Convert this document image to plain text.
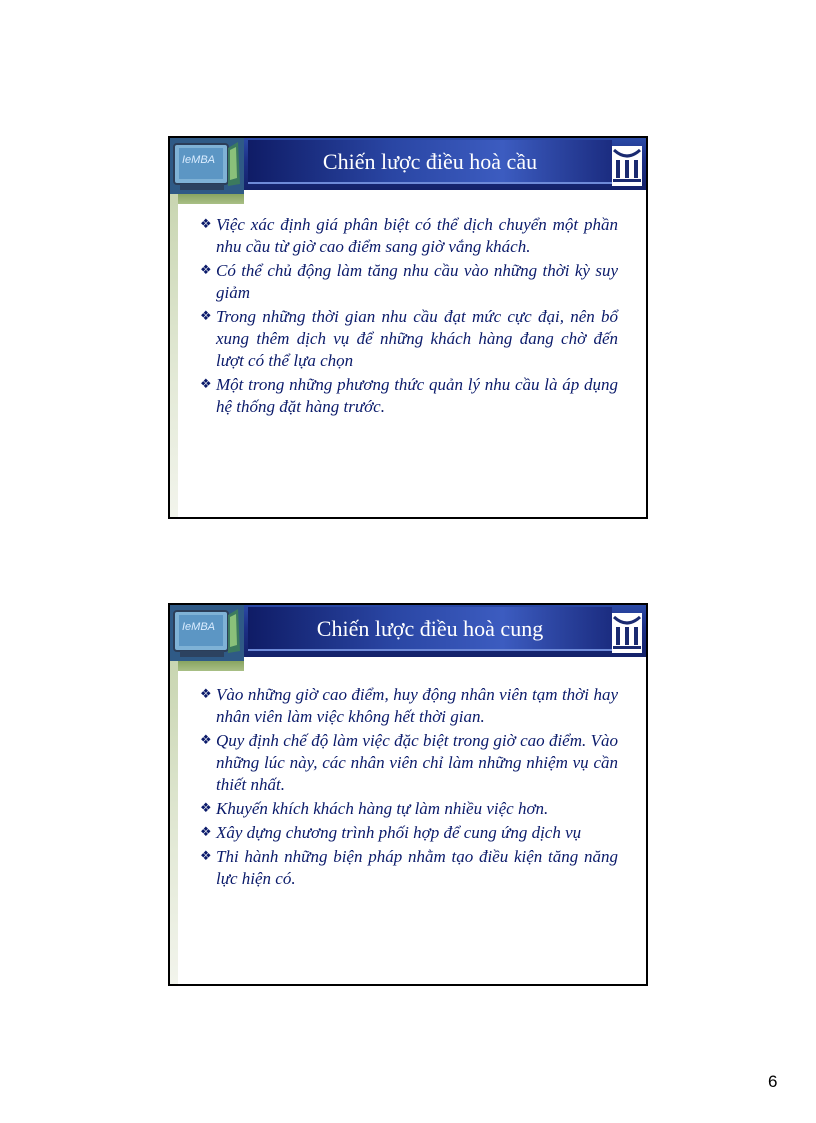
IeMBA	Chiến lược điều hoà cầu
❖ Việc xác định giá phân biệt có thể dịch chuyển một phần nhu cầu từ giờ cao điểm sang giờ vắng khách.
❖ Có thể chủ động làm tăng nhu cầu vào những thời kỳ suy giảm
❖ Trong những thời gian nhu cầu đạt mức cực đại, nên bổ xung thêm dịch vụ để những khách hàng đang chờ đến lượt có thể lựa chọn
❖ Một trong những phương thức quản lý nhu cầu là áp dụng hệ thống đặt hàng trước.
IeMBA	Chiến lược điều hoà cung
❖ Vào những giờ cao điểm, huy động nhân viên tạm thời hay nhân viên làm việc không hết thời gian.
❖ Quy định chế độ làm việc đặc biệt trong giờ cao điểm. Vào những lúc này, các nhân viên chỉ làm những nhiệm vụ cần thiết nhất.
❖ Khuyến khích khách hàng tự làm nhiều việc hơn.
❖ Xây dựng chương trình phối hợp để cung ứng dịch vụ
❖ Thi hành những biện pháp nhằm tạo điều kiện tăng năng lực hiện có.
6
